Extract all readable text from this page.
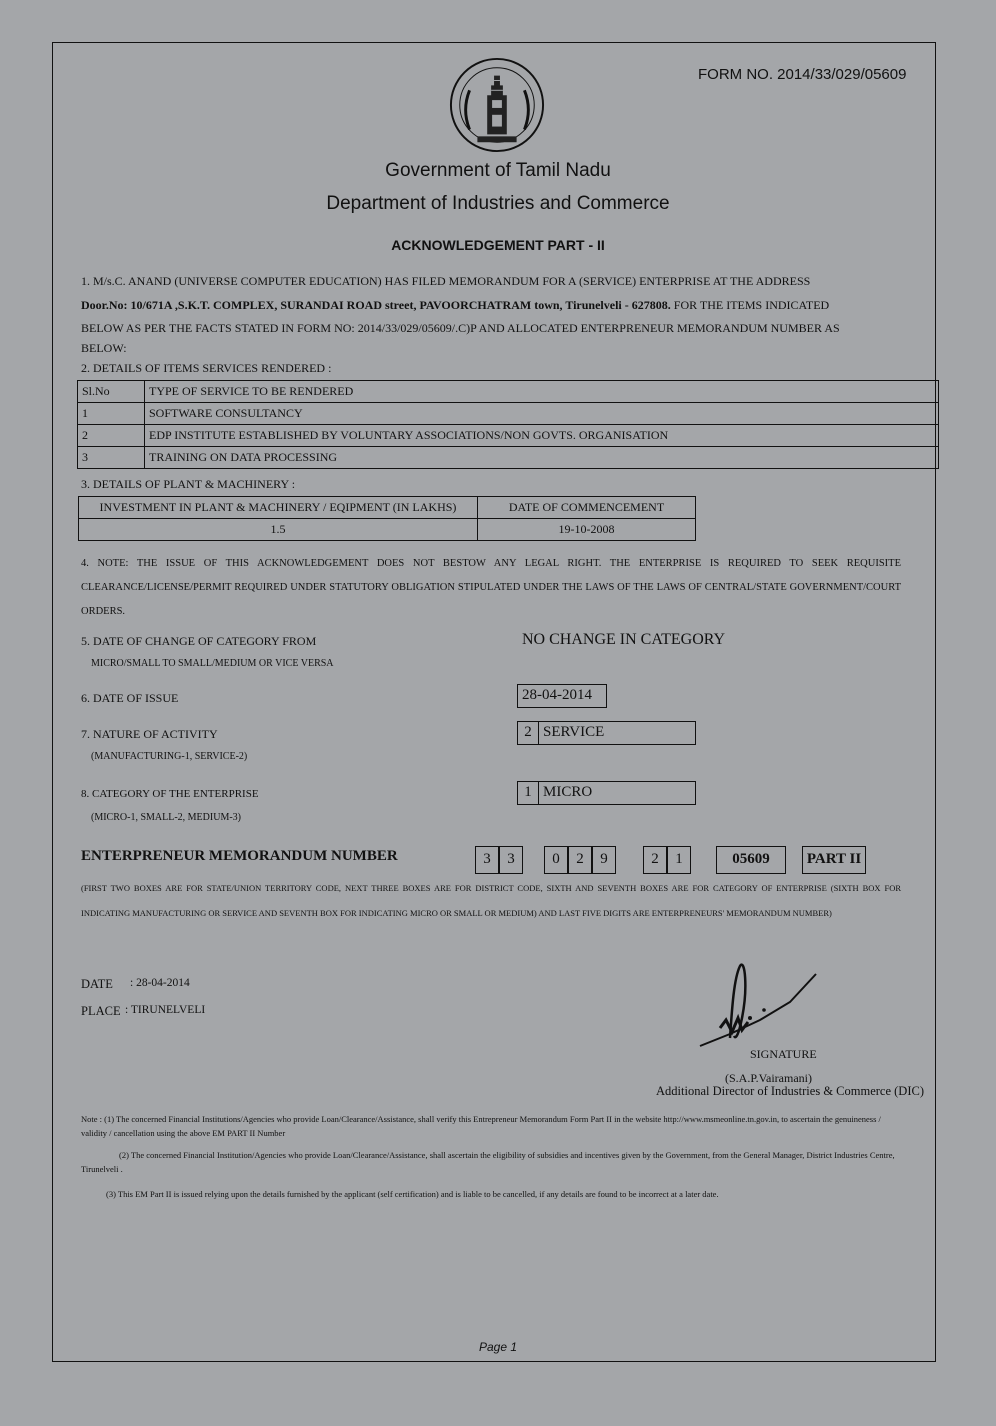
FORM NO. 2014/33/029/05609
Government of Tamil Nadu
Department of Industries and Commerce
ACKNOWLEDGEMENT PART - II
1. M/s.C. ANAND (UNIVERSE COMPUTER EDUCATION) HAS FILED MEMORANDUM FOR A (SERVICE) ENTERPRISE AT THE ADDRESS
Door.No: 10/671A ,S.K.T. COMPLEX, SURANDAI ROAD street, PAVOORCHATRAM town, Tirunelveli - 627808. FOR THE ITEMS INDICATED
BELOW AS PER THE FACTS STATED IN FORM NO: 2014/33/029/05609/.C)P AND ALLOCATED ENTERPRENEUR MEMORANDUM NUMBER AS
BELOW:
2. DETAILS OF ITEMS SERVICES RENDERED :
Sl.No	TYPE OF SERVICE TO BE RENDERED
1	SOFTWARE CONSULTANCY
2	EDP INSTITUTE ESTABLISHED BY VOLUNTARY ASSOCIATIONS/NON GOVTS. ORGANISATION
3	TRAINING ON DATA PROCESSING
3. DETAILS OF PLANT & MACHINERY :
INVESTMENT IN PLANT & MACHINERY / EQIPMENT (IN LAKHS)	DATE OF COMMENCEMENT
1.5	19-10-2008
4. NOTE: THE ISSUE OF THIS ACKNOWLEDGEMENT DOES NOT BESTOW ANY LEGAL RIGHT. THE ENTERPRISE IS REQUIRED TO SEEK REQUISITE CLEARANCE/LICENSE/PERMIT REQUIRED UNDER STATUTORY OBLIGATION STIPULATED UNDER THE LAWS OF THE LAWS OF CENTRAL/STATE GOVERNMENT/COURT ORDERS.
5. DATE OF CHANGE OF CATEGORY FROM
MICRO/SMALL TO SMALL/MEDIUM OR VICE VERSA
NO CHANGE IN CATEGORY
6. DATE OF ISSUE	28-04-2014
7. NATURE OF ACTIVITY
(MANUFACTURING-1, SERVICE-2)
2 SERVICE
8. CATEGORY OF THE ENTERPRISE
(MICRO-1, SMALL-2, MEDIUM-3)
1 MICRO
ENTERPRENEUR MEMORANDUM NUMBER	3	3	0	2	9	2	1	05609	PART II
(FIRST TWO BOXES ARE FOR STATE/UNION TERRITORY CODE, NEXT THREE BOXES ARE FOR DISTRICT CODE, SIXTH AND SEVENTH BOXES ARE FOR CATEGORY OF ENTERPRISE (SIXTH BOX FOR INDICATING MANUFACTURING OR SERVICE AND SEVENTH BOX FOR INDICATING MICRO OR SMALL OR MEDIUM) AND LAST FIVE DIGITS ARE ENTERPRENEURS' MEMORANDUM NUMBER)
DATE : 28-04-2014
PLACE : TIRUNELVELI
SIGNATURE
(S.A.P.Vairamani)
Additional Director of Industries & Commerce (DIC)
Note : (1) The concerned Financial Institutions/Agencies who provide Loan/Clearance/Assistance, shall verify this Entrepreneur Memorandum Form Part II in the website http://www.msmeonline.tn.gov.in, to ascertain the genuineness / validity / cancellation using the above EM PART II Number
(2) The concerned Financial Institution/Agencies who provide Loan/Clearance/Assistance, shall ascertain the eligibility of subsidies and incentives given by the Government, from the General Manager, District Industries Centre, Tirunelveli .
(3) This EM Part II is issued relying upon the details furnished by the applicant (self certification) and is liable to be cancelled, if any details are found to be incorrect at a later date.
Page 1
